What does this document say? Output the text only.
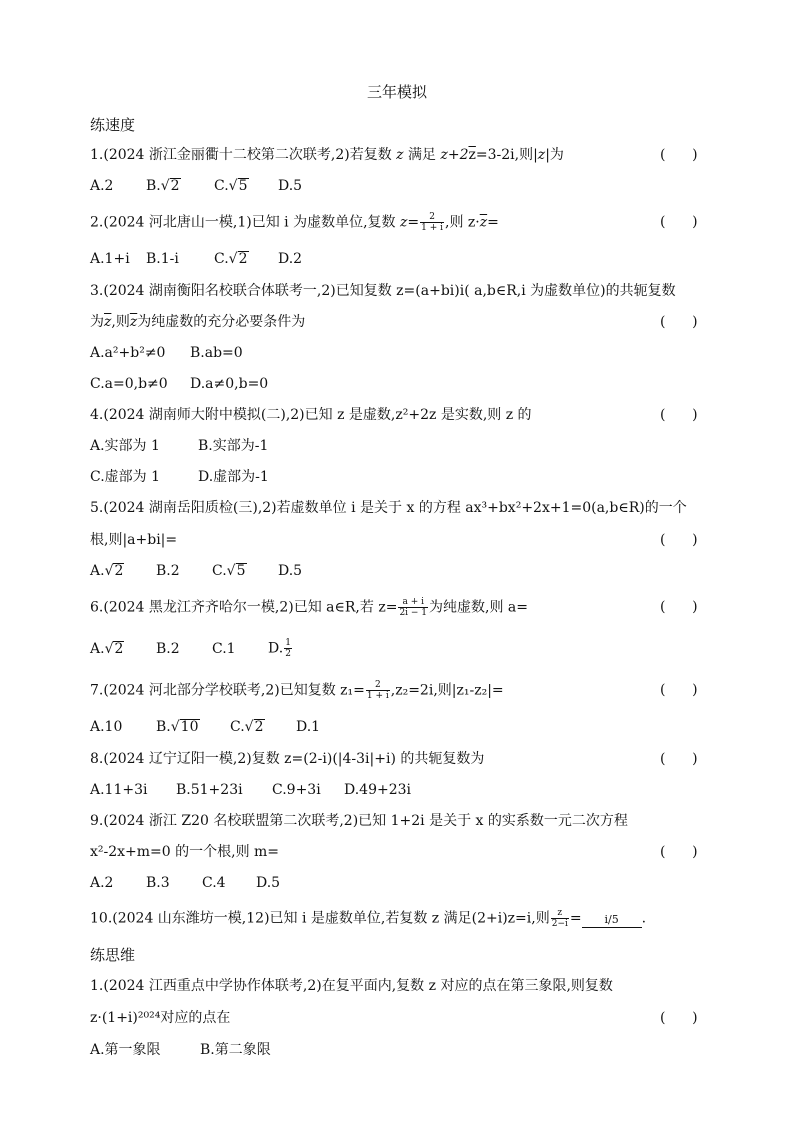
三年模拟
练速度
1.(2024 浙江金丽衢十二校第二次联考,2)若复数 z 满足 $z+2\overline{z}=3-2i$,则|z|为	(      )
A.2 B.√2 C.√5 D.5
2.(2024 河北唐山一模,1)已知 i 为虚数单位,复数 $z= \frac{2}{1 + i}$ ,则 $z\cdot\overline{z}=$	(      )
A.1+i B.1-i	C.√2 D.2
3.(2024 湖南衡阳名校联合体联考一,2)已知复数 z=(a+bi)i( a,b∈R,i 为虚数单位)的共轭复数
为$\overline{z}$,则$\overline{z}$为纯虚数的充分必要条件为	(      )
A.a²+b²≠0 B.ab=0
C.a=0,b≠0 D.a≠0,b=0
4.(2024 湖南师大附中模拟(二),2)已知 z 是虚数,z²+2z 是实数,则 z 的	(      )
A.实部为 1	B.实部为-1
C.虚部为 1	D.虚部为-1
5.(2024 湖南岳阳质检(三),2)若虚数单位 i 是关于 x 的方程 ax³+bx²+2x+1=0(a,b∈R)的一个
根,则|a+bi|=	(      )
A.√2 B.2 C.√5 D.5
6.(2024 黑龙江齐齐哈尔一模,2)已知 a∈R,若 $z= \frac{a + i}{2i - 1}$ 为纯虚数,则 a=	(      )
A.√2 B.2 C.1 D. $\frac{1}{2}$
7.(2024 河北部分学校联考,2)已知复数 $z_1= \frac{2}{1 + i} ,z_2=2i$,则|z₁-z₂|=	(      )
A.10 B.√10 C.√2 D.1
8.(2024 辽宁辽阳一模,2)复数 z=(2-i)(|4-3i|+i) 的共轭复数为	(      )
A.11+3i B.51+23i C.9+3i D.49+23i
9.(2024 浙江 Z20 名校联盟第二次联考,2)已知 1+2i 是关于 x 的实系数一元二次方程
x²-2x+m=0 的一个根,则 m=	(      )
A.2 B.3 C.4 D.5
10.(2024 山东潍坊一模,12)已知 i 是虚数单位,若复数 z 满足(2+i)z=i,则 $\frac{z}{2-i} = i/5$ .
练思维
1.(2024 江西重点中学协作体联考,2)在复平面内,复数 z 对应的点在第三象限,则复数
z·(1+i)²⁰²⁴对应的点在	(      )
A.第一象限	B.第二象限
